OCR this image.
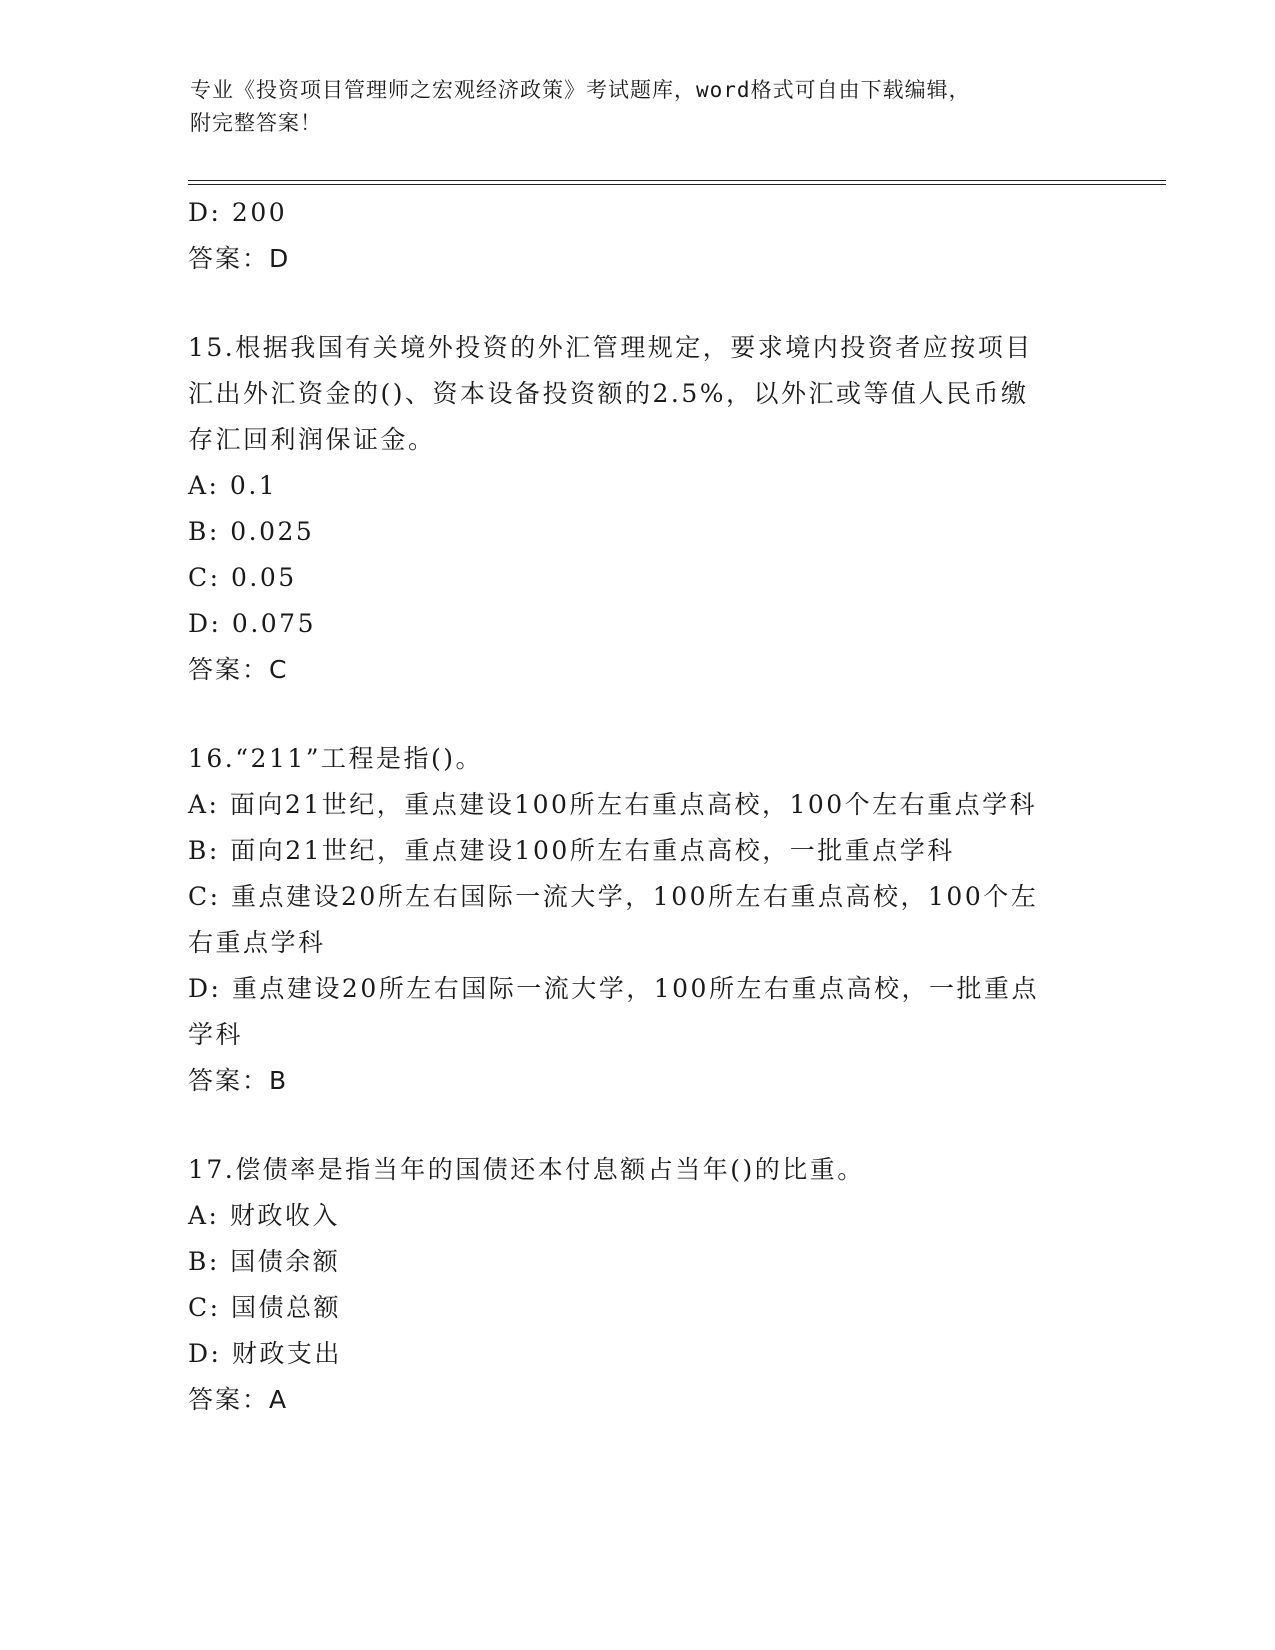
专业《投资项目管理师之宏观经济政策》考试题库，word格式可自由下载编辑，
附完整答案！

D: 200

答案：D

15.根据我国有关境外投资的外汇管理规定，要求境内投资者应按项目

汇出外汇资金的()、资本设备投资额的2.5%，以外汇或等值人民币缴

存汇回利润保证金。

A: 0.1

B: 0.025

C: 0.05

D: 0.075

答案：C

16.“211”工程是指()。

A: 面向21世纪，重点建设100所左右重点高校，100个左右重点学科

B: 面向21世纪，重点建设100所左右重点高校，一批重点学科

C: 重点建设20所左右国际一流大学，100所左右重点高校，100个左

右重点学科

D: 重点建设20所左右国际一流大学，100所左右重点高校，一批重点

学科

答案：B

17.偿债率是指当年的国债还本付息额占当年()的比重。

A: 财政收入

B: 国债余额

C: 国债总额

D: 财政支出

答案：A
